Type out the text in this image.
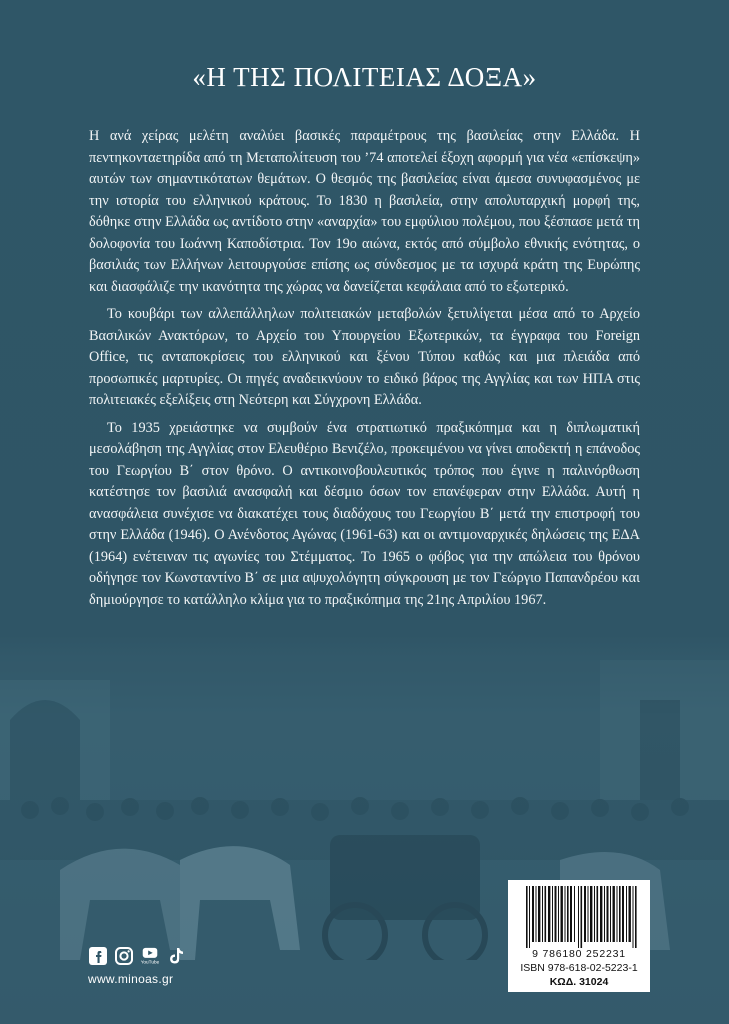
«Η ΤΗΣ ΠΟΛΙΤΕΙΑΣ ΔΟΞΑ»

Η ανά χείρας μελέτη αναλύει βασικές παραμέτρους της βασιλείας στην Ελλάδα. Η πεντηκονταετηρίδα από τη Μεταπολίτευση του ’74 αποτελεί έξοχη αφορμή για νέα «επίσκεψη» αυτών των σημαντικότατων θεμάτων. Ο θεσμός της βασιλείας είναι άμεσα συνυφασμένος με την ιστορία του ελληνικού κράτους. Το 1830 η βασιλεία, στην απολυταρχική μορφή της, δόθηκε στην Ελλάδα ως αντίδοτο στην «αναρχία» του εμφύλιου πολέμου, που ξέσπασε μετά τη δολοφονία του Ιωάννη Καποδίστρια. Τον 19ο αιώνα, εκτός από σύμβολο εθνικής ενότητας, ο βασιλιάς των Ελλήνων λειτουργούσε επίσης ως σύνδεσμος με τα ισχυρά κράτη της Ευρώπης και διασφάλιζε την ικανότητα της χώρας να δανείζεται κεφάλαια από το εξωτερικό.

Το κουβάρι των αλλεπάλληλων πολιτειακών μεταβολών ξετυλίγεται μέσα από το Αρχείο Βασιλικών Ανακτόρων, το Αρχείο του Υπουργείου Εξωτερικών, τα έγγραφα του Foreign Office, τις ανταποκρίσεις του ελληνικού και ξένου Τύπου καθώς και μια πλειάδα από προσωπικές μαρτυρίες. Οι πηγές αναδεικνύουν το ειδικό βάρος της Αγγλίας και των ΗΠΑ στις πολιτειακές εξελίξεις στη Νεότερη και Σύγχρονη Ελλάδα.

Το 1935 χρειάστηκε να συμβούν ένα στρατιωτικό πραξικόπημα και η διπλωματική μεσολάβηση της Αγγλίας στον Ελευθέριο Βενιζέλο, προκειμένου να γίνει αποδεκτή η επάνοδος του Γεωργίου Β΄ στον θρόνο. Ο αντικοινοβουλευτικός τρόπος που έγινε η παλινόρθωση κατέστησε τον βασιλιά ανασφαλή και δέσμιο όσων τον επανέφεραν στην Ελλάδα. Αυτή η ανασφάλεια συνέχισε να διακατέχει τους διαδόχους του Γεωργίου Β΄ μετά την επιστροφή του στην Ελλάδα (1946). Ο Ανένδοτος Αγώνας (1961-63) και οι αντιμοναρχικές δηλώσεις της ΕΔΑ (1964) ενέτειναν τις αγωνίες του Στέμματος. Το 1965 ο φόβος για την απώλεια του θρόνου οδήγησε τον Κωνσταντίνο Β΄ σε μια αψυχολόγητη σύγκρουση με τον Γεώργιο Παπανδρέου και δημιούργησε το κατάλληλο κλίμα για το πραξικόπημα της 21ης Απριλίου 1967.

YouTube
www.minoas.gr
9 786180 252231
ISBN 978-618-02-5223-1
ΚΩΔ. 31024
